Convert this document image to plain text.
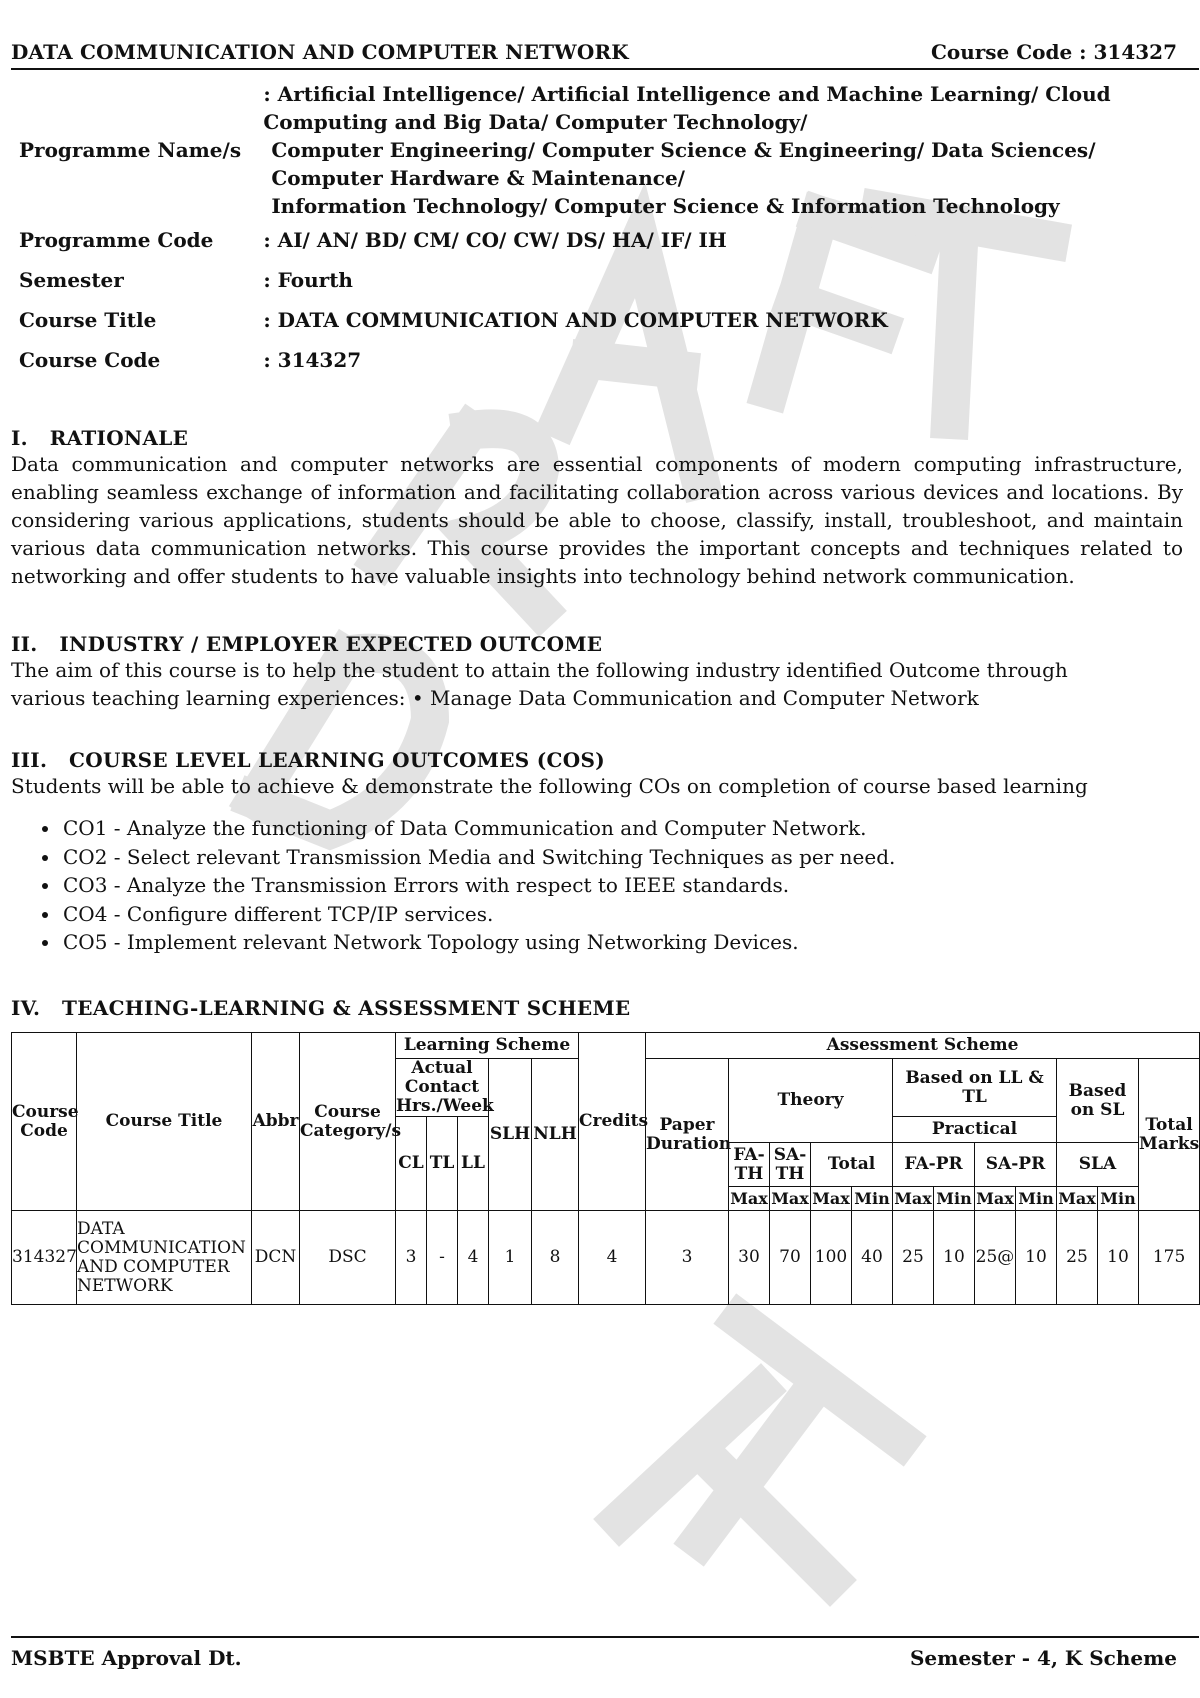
DATA COMMUNICATION AND COMPUTER NETWORK	Course Code : 314327
Programme Name/s	: Artificial Intelligence/ Artificial Intelligence and Machine Learning/ Cloud Computing and Big Data/ Computer Technology/
Computer Engineering/ Computer Science & Engineering/ Data Sciences/ Computer Hardware & Maintenance/
Information Technology/ Computer Science & Information Technology

Programme Code	: AI/ AN/ BD/ CM/ CO/ CW/ DS/ HA/ IF/ IH
Semester	: Fourth
Course Title	: DATA COMMUNICATION AND COMPUTER NETWORK
Course Code	: 314327
I.   RATIONALE

Data communication and computer networks are essential components of modern computing infrastructure, enabling seamless exchange of information and facilitating collaboration across various devices and locations. By considering various applications, students should be able to choose, classify, install, troubleshoot, and maintain various data communication networks. This course provides the important concepts and techniques related to networking and offer students to have valuable insights into technology behind network communication.

II.   INDUSTRY / EMPLOYER EXPECTED OUTCOME

The aim of this course is to help the student to attain the following industry identified Outcome through various teaching learning experiences: • Manage Data Communication and Computer Network

III.   COURSE LEVEL LEARNING OUTCOMES (COS)

Students will be able to achieve & demonstrate the following COs on completion of course based learning

• CO1 - Analyze the functioning of Data Communication and Computer Network.
• CO2 - Select relevant Transmission Media and Switching Techniques as per need.
• CO3 - Analyze the Transmission Errors with respect to IEEE standards.
• CO4 - Configure different TCP/IP services.
• CO5 - Implement relevant Network Topology using Networking Devices.
IV.   TEACHING-LEARNING & ASSESSMENT SCHEME
Course Code	Course Title	Abbr	Course Category/s	Learning Scheme					Credits	Assessment Scheme											
				Actual Contact Hrs./Week			SLH	NLH		Paper Duration	Theory				Based on LL & TL				Based on SL		Total Marks
				CL	TL	LL									Practical						
											FA-TH	SA-TH	Total		FA-PR		SA-PR		SLA		
											Max	Max	Max	Min	Max	Min	Max	Min	Max	Min	
314327	DATA COMMUNICATION AND COMPUTER NETWORK	DCN	DSC	3	-	4	1	8	4	3	30	70	100	40	25	10	25@	10	25	10	175
MSBTE Approval Dt.	Semester - 4, K Scheme
